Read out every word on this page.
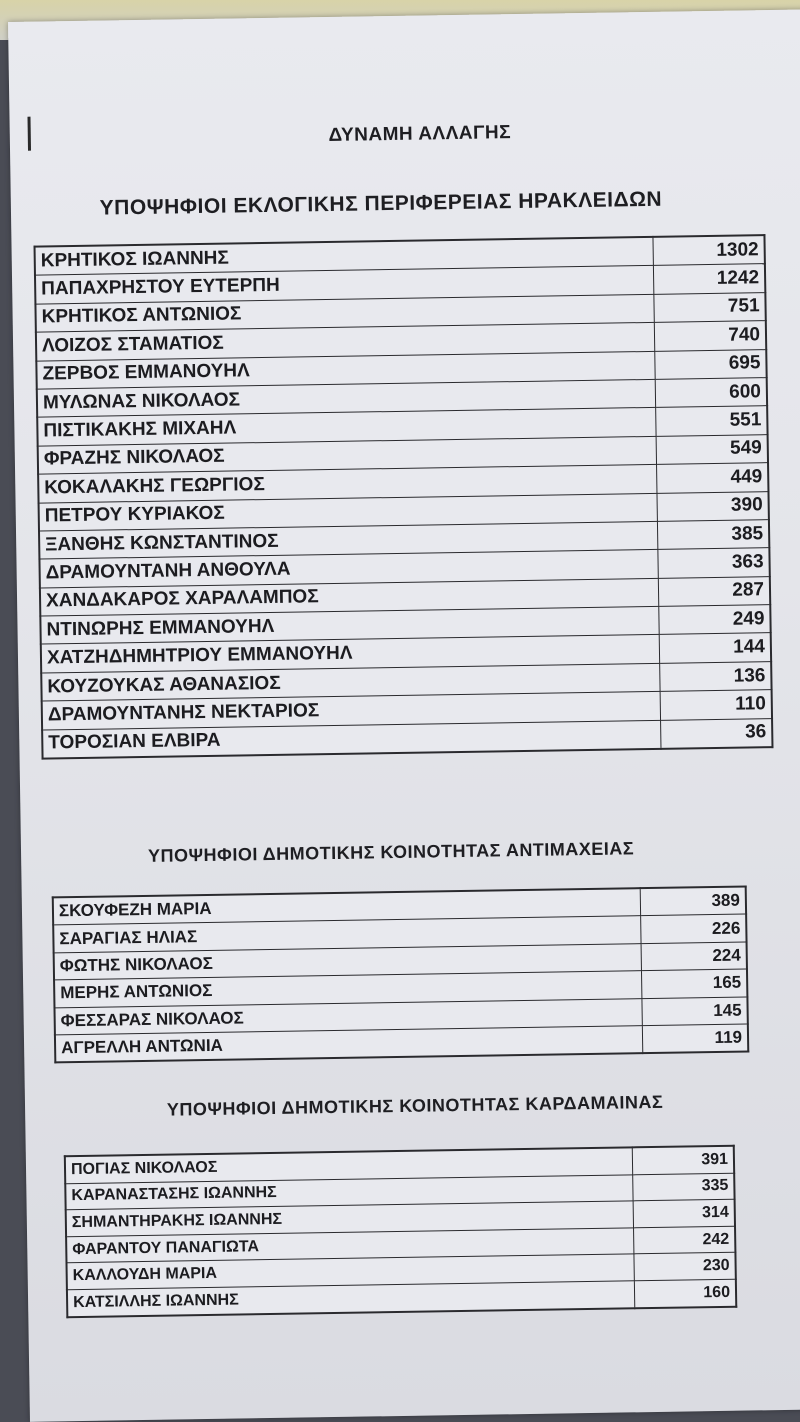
ΔΥΝΑΜΗ ΑΛΛΑΓΗΣ
ΥΠΟΨΗΦΙΟΙ ΕΚΛΟΓΙΚΗΣ ΠΕΡΙΦΕΡΕΙΑΣ ΗΡΑΚΛΕΙΔΩΝ
ΚΡΗΤΙΚΟΣ ΙΩΑΝΝΗΣ	1302
ΠΑΠΑΧΡΗΣΤΟΥ ΕΥΤΕΡΠΗ	1242
ΚΡΗΤΙΚΟΣ ΑΝΤΩΝΙΟΣ	751
ΛΟΙΖΟΣ ΣΤΑΜΑΤΙΟΣ	740
ΖΕΡΒΟΣ ΕΜΜΑΝΟΥΗΛ	695
ΜΥΛΩΝΑΣ ΝΙΚΟΛΑΟΣ	600
ΠΙΣΤΙΚΑΚΗΣ ΜΙΧΑΗΛ	551
ΦΡΑΖΗΣ ΝΙΚΟΛΑΟΣ	549
ΚΟΚΑΛΑΚΗΣ ΓΕΩΡΓΙΟΣ	449
ΠΕΤΡΟΥ ΚΥΡΙΑΚΟΣ	390
ΞΑΝΘΗΣ ΚΩΝΣΤΑΝΤΙΝΟΣ	385
ΔΡΑΜΟΥΝΤΑΝΗ ΑΝΘΟΥΛΑ	363
ΧΑΝΔΑΚΑΡΟΣ ΧΑΡΑΛΑΜΠΟΣ	287
ΝΤΙΝΩΡΗΣ ΕΜΜΑΝΟΥΗΛ	249
ΧΑΤΖΗΔΗΜΗΤΡΙΟΥ ΕΜΜΑΝΟΥΗΛ	144
ΚΟΥΖΟΥΚΑΣ ΑΘΑΝΑΣΙΟΣ	136
ΔΡΑΜΟΥΝΤΑΝΗΣ ΝΕΚΤΑΡΙΟΣ	110
ΤΟΡΟΣΙΑΝ ΕΛΒΙΡΑ	36
ΥΠΟΨΗΦΙΟΙ ΔΗΜΟΤΙΚΗΣ ΚΟΙΝΟΤΗΤΑΣ ΑΝΤΙΜΑΧΕΙΑΣ
ΣΚΟΥΦΕΖΗ ΜΑΡΙΑ	389
ΣΑΡΑΓΙΑΣ ΗΛΙΑΣ	226
ΦΩΤΗΣ ΝΙΚΟΛΑΟΣ	224
ΜΕΡΗΣ ΑΝΤΩΝΙΟΣ	165
ΦΕΣΣΑΡΑΣ ΝΙΚΟΛΑΟΣ	145
ΑΓΡΕΛΛΗ ΑΝΤΩΝΙΑ	119
ΥΠΟΨΗΦΙΟΙ ΔΗΜΟΤΙΚΗΣ ΚΟΙΝΟΤΗΤΑΣ ΚΑΡΔΑΜΑΙΝΑΣ
ΠΟΓΙΑΣ ΝΙΚΟΛΑΟΣ	391
ΚΑΡΑΝΑΣΤΑΣΗΣ ΙΩΑΝΝΗΣ	335
ΣΗΜΑΝΤΗΡΑΚΗΣ ΙΩΑΝΝΗΣ	314
ΦΑΡΑΝΤΟΥ ΠΑΝΑΓΙΩΤΑ	242
ΚΑΛΛΟΥΔΗ ΜΑΡΙΑ	230
ΚΑΤΣΙΛΛΗΣ ΙΩΑΝΝΗΣ	160
